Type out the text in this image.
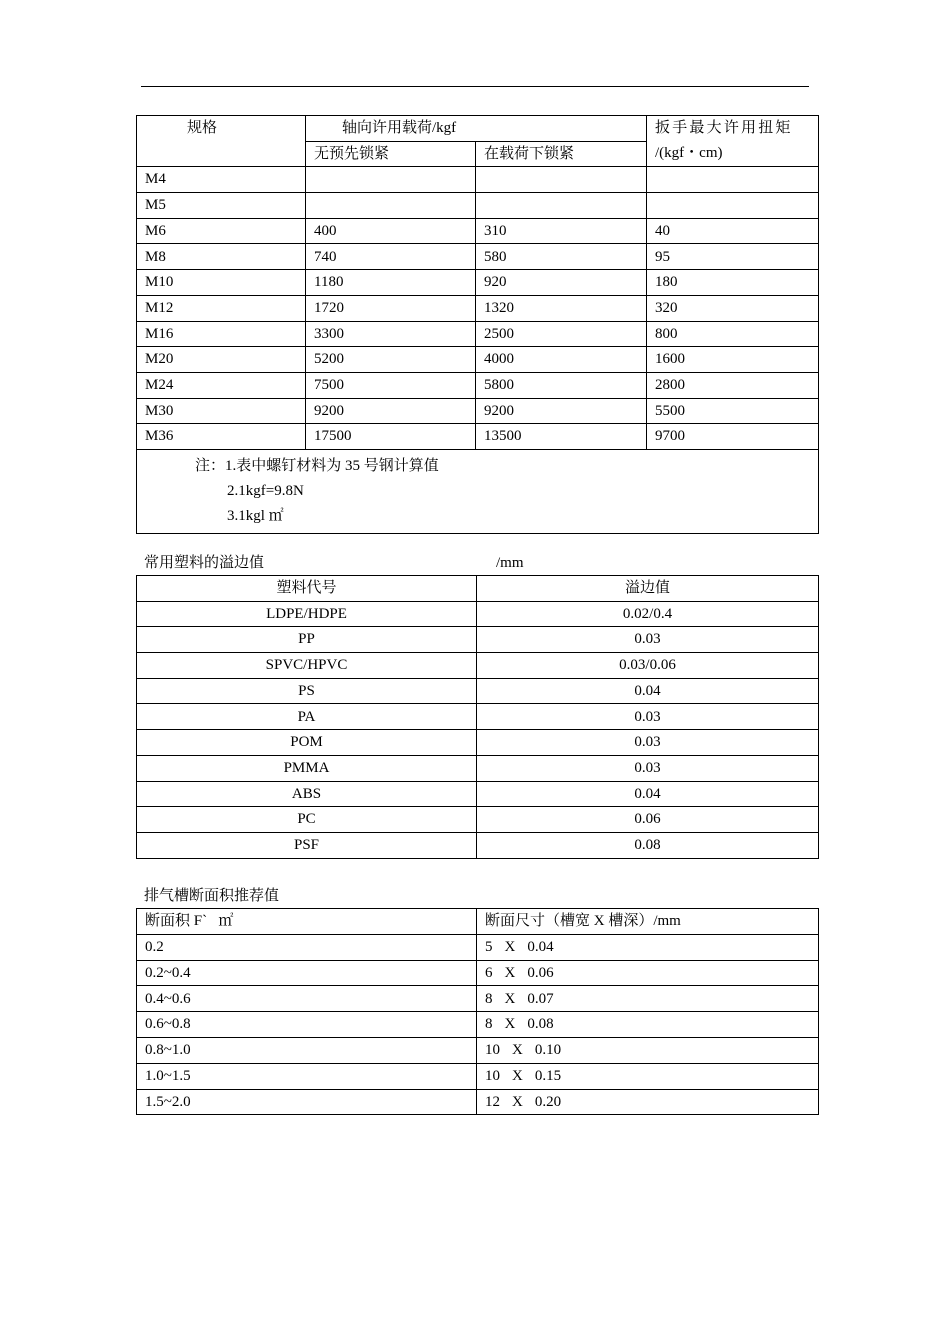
规格	轴向许用载荷/kgf		扳手最大许用扭矩
/(kgf・cm)
	无预先锁紧	在载荷下锁紧	
M4			
M5			
M6	400	310	40
M8	740	580	95
M10	1180	920	180
M12	1720	1320	320
M16	3300	2500	800
M20	5200	4000	1600
M24	7500	5800	2800
M30	9200	9200	5500
M36	17500	13500	9700

注：1.表中螺钉材料为 35 号钢计算值
2.1kgf=9.8N
3.1kgl ㎡			
常用塑料的溢边值	/mm
塑料代号	溢边值
LDPE/HDPE	0.02/0.4
PP	0.03
SPVC/HPVC	0.03/0.06
PS	0.04
PA	0.03
POM	0.03
PMMA	0.03
ABS	0.04
PC	0.06
PSF	0.08
排气槽断面积推荐值
断面积 F`   ㎡	断面尺寸（槽宽 X 槽深）/mm
0.2	5 X 0.04
0.2~0.4	6 X 0.06
0.4~0.6	8 X 0.07
0.6~0.8	8 X 0.08
0.8~1.0	10 X 0.10
1.0~1.5	10 X 0.15
1.5~2.0	12 X 0.20
